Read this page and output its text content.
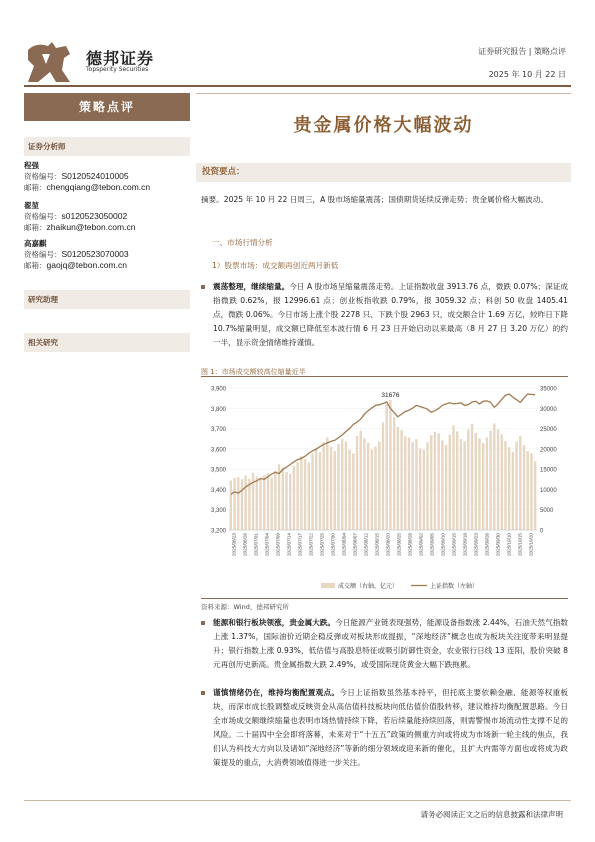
德邦证券
Topsperity Securities
证券研究报告 | 策略点评
2025 年 10 月 22 日
策略点评
贵金属价格大幅波动
证券分析师
程强
资格编号：S0120524010005
邮箱：chengqiang@tebon.com.cn
翟堃
资格编号：s0120523050002
邮箱：zhaikun@tebon.com.cn
高嘉麒
资格编号：S0120523070003
邮箱：gaojq@tebon.com.cn
研究助理
相关研究
投资要点：
摘要。2025 年 10 月 22 日周三，A 股市场缩量震荡；国债期货延续反弹走势；贵金属价格大幅波动。
一、市场行情分析
1）股票市场：成交额再创近两月新低
震荡整理，继续缩量。今日 A 股市场呈缩量震荡走势。上证指数收盘 3913.76 点，微跌 0.07%；深证成指微跌 0.62%，报 12996.61 点；创业板指收跌 0.79%，报 3059.32 点；科创 50 收盘 1405.41 点，微跌 0.06%。今日市场上涨个股 2278 只、下跌个股 2963 只，成交额合计 1.69 万亿，较昨日下降 10.7%缩量明显，成交额已降低至本波行情 6 月 23 日开始启动以来最高（8 月 27 日 3.20 万亿）的约一半，显示资金情绪维持谨慎。
图 1：市场成交额较高位缩量近半
3,900
3,800
3,700
3,600
3,500
3,400
3,300
3,200
35000
30000
25000
20000
15000
10000
5000
0
31676
2025/06/23 2025/06/26 2025/07/01 2025/07/04 2025/07/09 2025/07/14 2025/07/17 2025/07/22 2025/07/25 2025/07/30 2025/08/04 2025/08/07 2025/08/12 2025/08/15 2025/08/20 2025/08/25 2025/08/28 2025/09/02 2025/09/05 2025/09/10 2025/09/15 2025/09/18 2025/09/23 2025/09/26 2025/09/30 2025/10/10 2025/10/15 2025/10/20
成交额（右轴，亿元）	上证指数（左轴）
资料来源：Wind，德邦研究所
能源和银行板块领涨，贵金属大跌。今日能源产业链表现强势，能源设备指数涨 2.44%，石油天然气指数上涨 1.37%，国际油价近期企稳反弹或对板块形成提振，“深地经济”概念也成为板块关注度带来明显提升；银行指数上涨 0.93%，低估值与高股息特征或吸引防御性资金，农业银行日线 13 连阳，股价突破 8 元再创历史新高。贵金属指数大跌 2.49%，或受国际现货黄金大幅下跌拖累。
谨慎情绪仍在，维持均衡配置观点。今日上证指数虽然基本持平，但托底主要依赖金融、能源等权重板块，而深市成长股调整或反映资金从高估值科技板块向低估值价值股转移，建议维持均衡配置思路。今日全市场成交额继续缩量也表明市场热情持续下降，若后续量能持续回落，则需警惕市场流动性支撑不足的风险。二十届四中全会即将落幕，未来对于“十五五”政策的侧重方向或将成为市场新一轮主线的焦点，我们认为科技大方向以及诸如“深地经济”等新的细分领域或迎来新的催化，且扩大内需等方面也或将成为政策提及的重点，大消费领域值得进一步关注。
请务必阅读正文之后的信息披露和法律声明
